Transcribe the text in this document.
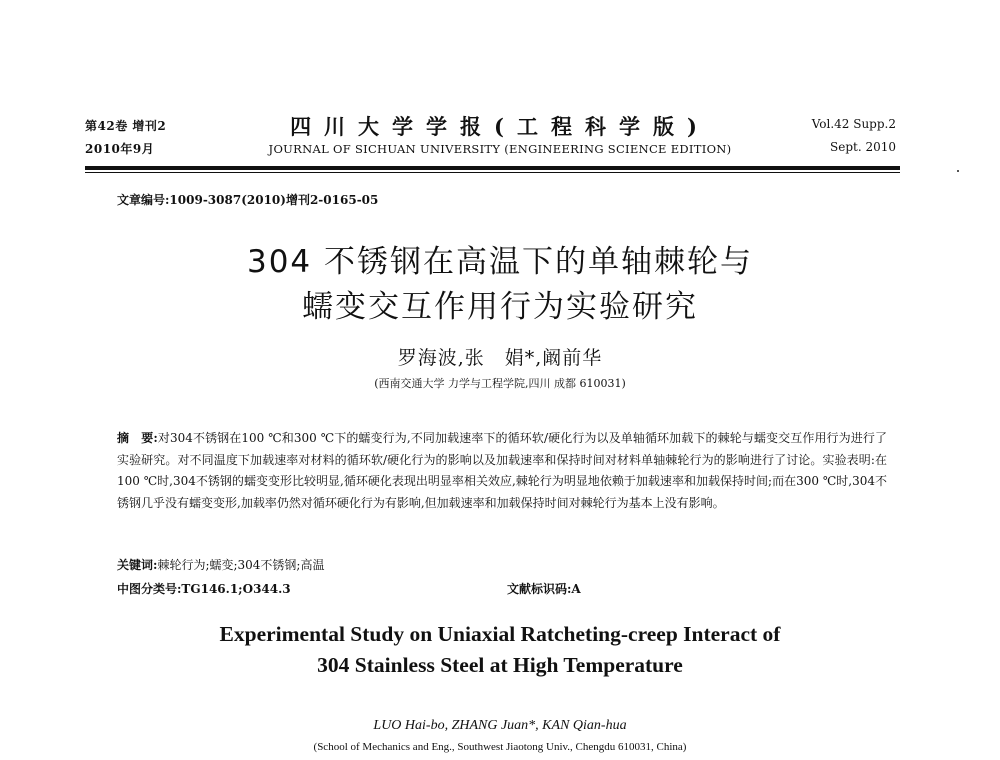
第42卷 增刊2
2010年9月
四川大学学报(工程科学版)
JOURNAL OF SICHUAN UNIVERSITY (ENGINEERING SCIENCE EDITION)
Vol.42 Supp.2
Sept. 2010
文章编号:1009-3087(2010)增刊2-0165-05
304 不锈钢在高温下的单轴棘轮与
蠕变交互作用行为实验研究
罗海波,张　娟*,阚前华
(西南交通大学 力学与工程学院,四川 成都 610031)
摘　要:对304不锈钢在100 ℃和300 ℃下的蠕变行为,不同加载速率下的循环软/硬化行为以及单轴循环加载下的棘轮与蠕变交互作用行为进行了实验研究。对不同温度下加载速率对材料的循环软/硬化行为的影响以及加载速率和保持时间对材料单轴棘轮行为的影响进行了讨论。实验表明:在100 ℃时,304不锈钢的蠕变变形比较明显,循环硬化表现出明显率相关效应,棘轮行为明显地依赖于加载速率和加载保持时间;而在300 ℃时,304不锈钢几乎没有蠕变变形,加载率仍然对循环硬化行为有影响,但加载速率和加载保持时间对棘轮行为基本上没有影响。
关键词:棘轮行为;蠕变;304不锈钢;高温
中图分类号:TG146.1;O344.3	文献标识码:A
Experimental Study on Uniaxial Ratcheting-creep Interact of
304 Stainless Steel at High Temperature
LUO Hai-bo, ZHANG Juan*, KAN Qian-hua
(School of Mechanics and Eng., Southwest Jiaotong Univ., Chengdu 610031, China)
